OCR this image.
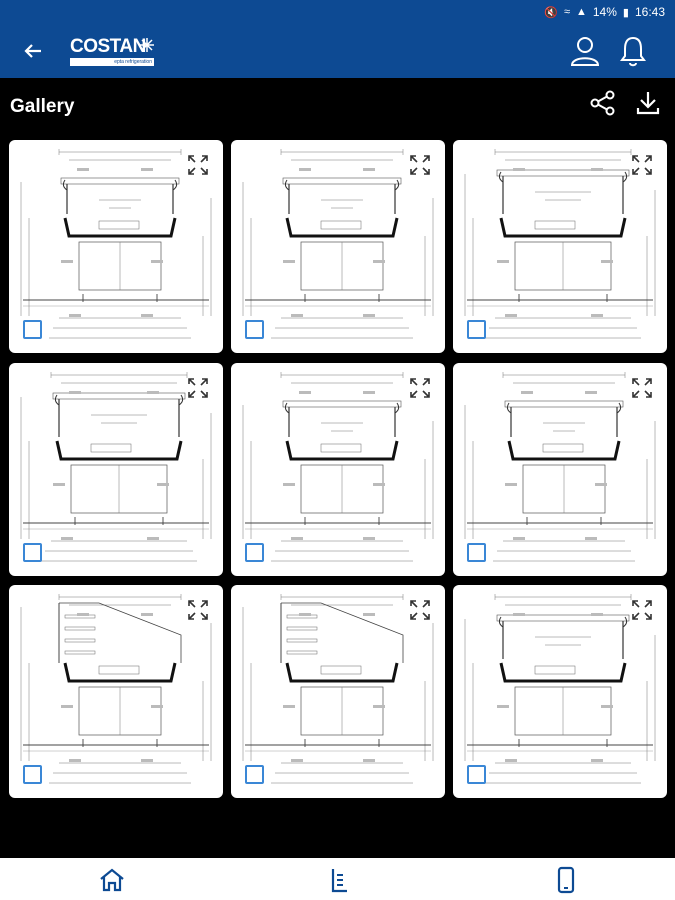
🔇 ≈ ▲ 14% ▮ 16:43
COSTAN
epta refrigeration
Gallery
